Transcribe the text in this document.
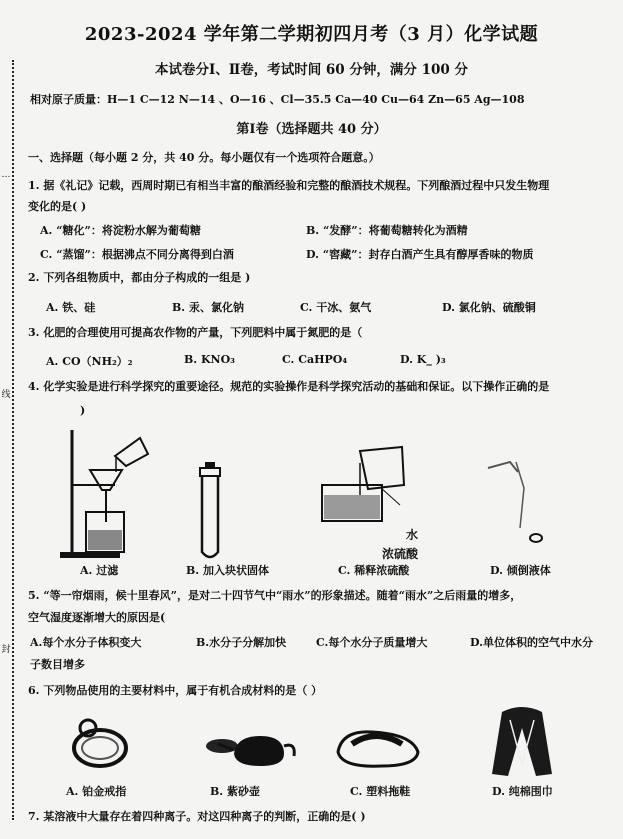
…
线
封
2023-2024 学年第二学期初四月考（3 月）化学试题
本试卷分Ⅰ、Ⅱ卷，考试时间 60 分钟，满分 100 分
相对原子质量：H—1 C—12 N—14 、O—16 、Cl—35.5 Ca—40 Cu—64 Zn—65 Ag—108
第Ⅰ卷（选择题共 40 分）
一、选择题（每小题 2 分，共 40 分。每小题仅有一个选项符合题意。）
1. 据《礼记》记载，西周时期已有相当丰富的酿酒经验和完整的酿酒技术规程。下列酿酒过程中只发生物理
变化的是( )
A. “糖化”：将淀粉水解为葡萄糖	B. “发酵”：将葡萄糖转化为酒精
C. “蒸馏”：根据沸点不同分离得到白酒	D. “窖藏”：封存白酒产生具有醇厚香味的物质
2. 下列各组物质中，都由分子构成的一组是 )
A. 铁、硅	B. 汞、氯化钠	C. 干冰、氨气	D. 氯化钠、硫酸铜
3. 化肥的合理使用可提高农作物的产量，下列肥料中属于氮肥的是（
A. CO（NH₂）₂	B. KNO₃	C. CaHPO₄	D. K_ )₃
4. 化学实验是进行科学探究的重要途径。规范的实验操作是科学探究活动的基础和保证。以下操作正确的是
)
水
浓硫酸
A. 过滤	B. 加入块状固体	C. 稀释浓硫酸	D. 倾倒液体
5. “等一帘烟雨，候十里春风”，是对二十四节气中“雨水”的形象描述。随着“雨水”之后雨量的增多，
空气湿度逐渐增大的原因是(
A.每个水分子体积变大	B.水分子分解加快	C.每个水分子质量增大	D.单位体积的空气中水分
子数目增多
6. 下列物品使用的主要材料中，属于有机合成材料的是（ ）
A. 铂金戒指	B. 紫砂壶	C. 塑料拖鞋	D. 纯棉围巾
7. 某溶液中大量存在着四种离子。对这四种离子的判断，正确的是( )
